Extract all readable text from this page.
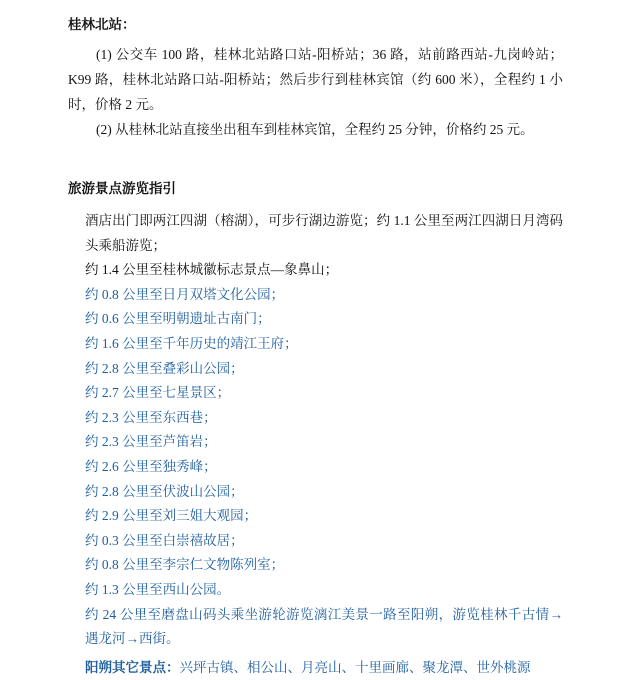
桂林北站：

(1) 公交车 100 路，桂林北站路口站-阳桥站；36 路，站前路西站-九岗岭站；K99 路，桂林北站路口站-阳桥站；然后步行到桂林宾馆（约 600 米），全程约 1 小时，价格 2 元。

(2) 从桂林北站直接坐出租车到桂林宾馆，全程约 25 分钟，价格约 25 元。

旅游景点游览指引
酒店出门即两江四湖（榕湖），可步行湖边游览；约 1.1 公里至两江四湖日月湾码头乘船游览；
约 1.4 公里至桂林城徽标志景点—象鼻山；
约 0.8 公里至日月双塔文化公园；
约 0.6 公里至明朝遗址古南门；
约 1.6 公里至千年历史的靖江王府；
约 2.8 公里至叠彩山公园；
约 2.7 公里至七星景区；
约 2.3 公里至东西巷；
约 2.3 公里至芦笛岩；
约 2.6 公里至独秀峰；
约 2.8 公里至伏波山公园；
约 2.9 公里至刘三姐大观园；
约 0.3 公里至白崇禧故居；
约 0.8 公里至李宗仁文物陈列室；
约 1.3 公里至西山公园。
约 24 公里至磨盘山码头乘坐游轮游览漓江美景一路至阳朔，游览桂林千古情→遇龙河→西街。
阳朔其它景点：兴坪古镇、相公山、月亮山、十里画廊、聚龙潭、世外桃源
